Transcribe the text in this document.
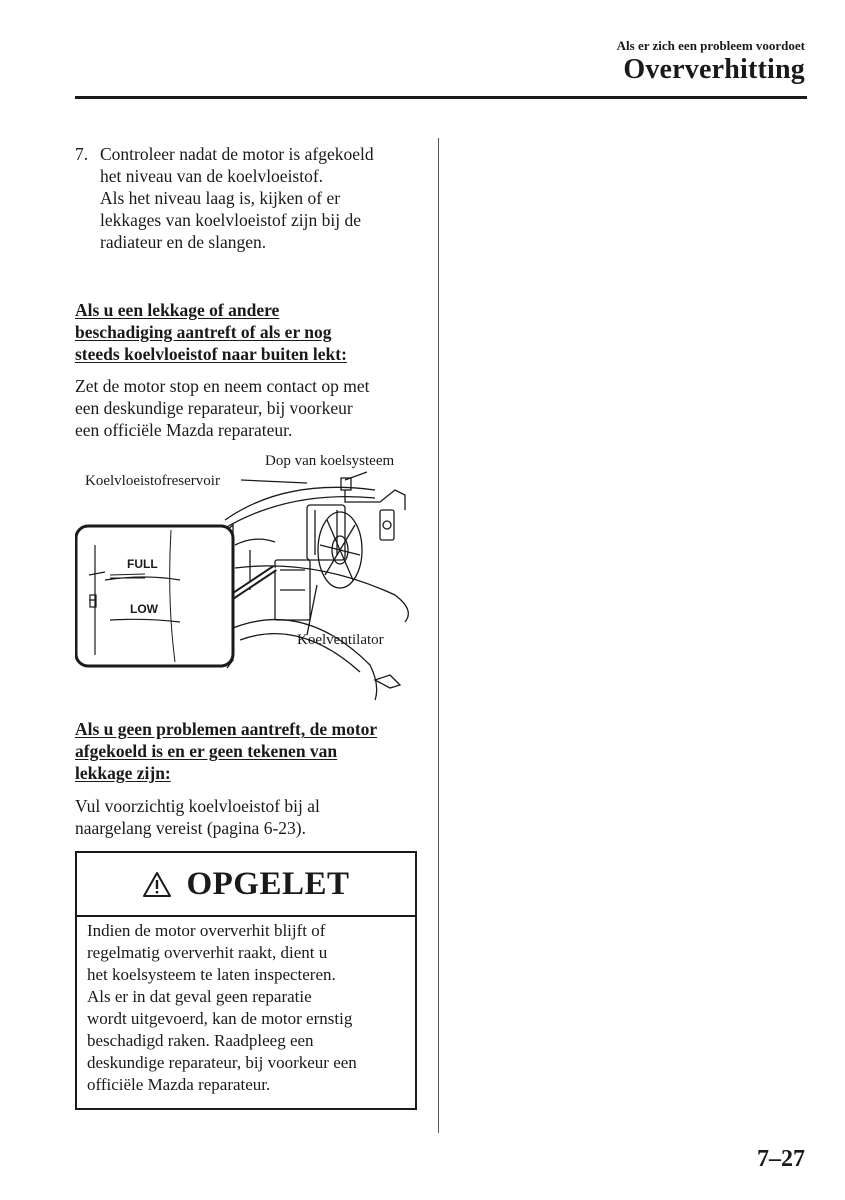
Als er zich een probleem voordoet
Oververhitting
7. Controleer nadat de motor is afgekoeld
het niveau van de koelvloeistof.
Als het niveau laag is, kijken of er
lekkages van koelvloeistof zijn bij de
radiateur en de slangen.
Als u een lekkage of andere
beschadiging aantreft of als er nog
steeds koelvloeistof naar buiten lekt:
Zet de motor stop en neem contact op met
een deskundige reparateur, bij voorkeur
een officiële Mazda reparateur.
Dop van koelsysteem
Koelvloeistofreservoir
Koelventilator
FULL
LOW
Als u geen problemen aantreft, de motor
afgekoeld is en er geen tekenen van
lekkage zijn:
Vul voorzichtig koelvloeistof bij al
naargelang vereist (pagina 6-23).
OPGELET
Indien de motor oververhit blijft of
regelmatig oververhit raakt, dient u
het koelsysteem te laten inspecteren.
Als er in dat geval geen reparatie
wordt uitgevoerd, kan de motor ernstig
beschadigd raken. Raadpleeg een
deskundige reparateur, bij voorkeur een
officiële Mazda reparateur.
7–27
